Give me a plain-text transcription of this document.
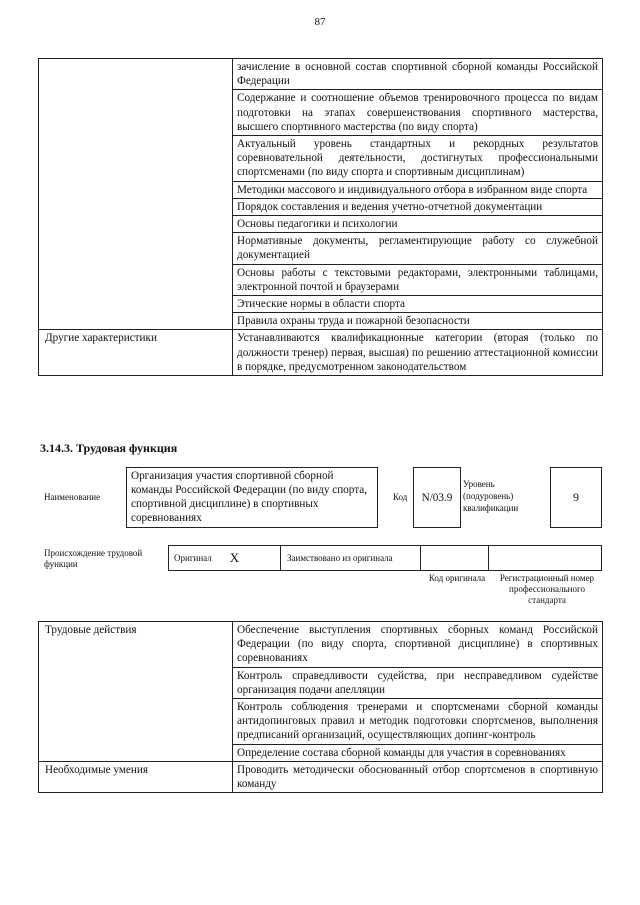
87
	зачисление в основной состав спортивной сборной команды Российской Федерации
	Содержание и соотношение объемов тренировочного процесса по видам подготовки на этапах совершенствования спортивного мастерства, высшего спортивного мастерства (по виду спорта)
	Актуальный уровень стандартных и рекордных результатов соревновательной деятельности, достигнутых профессиональными спортсменами (по виду спорта и спортивным дисциплинам)
	Методики массового и индивидуального отбора в избранном виде спорта
	Порядок составления и ведения учетно-отчетной документации
	Основы педагогики и психологии
	Нормативные документы, регламентирующие работу со служебной документацией
	Основы работы с текстовыми редакторами, электронными таблицами, электронной почтой и браузерами
	Этические нормы в области спорта
	Правила охраны труда и пожарной безопасности
Другие характеристики	Устанавливаются квалификационные категории (вторая (только по должности тренер) первая, высшая) по решению аттестационной комиссии в порядке, предусмотренном законодательством
3.14.3. Трудовая функция
Наименование
Организация участия спортивной сборной команды Российской Федерации (по виду спорта, спортивной дисциплине) в спортивных соревнованиях
Код	N/03.9
Уровень (подуровень) квалификации
9
Происхождение трудовой функции
Оригинал X	Заимствовано из оригинала
Код оригинала	Регистрационный номер профессионального стандарта
Трудовые действия	Обеспечение выступления спортивных сборных команд Российской Федерации (по виду спорта, спортивной дисциплине) в спортивных соревнованиях
	Контроль справедливости судейства, при несправедливом судействе организация подачи апелляции
	Контроль соблюдения тренерами и спортсменами сборной команды антидопинговых правил и методик подготовки спортсменов, выполнения предписаний организаций, осуществляющих допинг-контроль
	Определение состава сборной команды для участия в соревнованиях
Необходимые умения	Проводить методически обоснованный отбор спортсменов в спортивную команду
